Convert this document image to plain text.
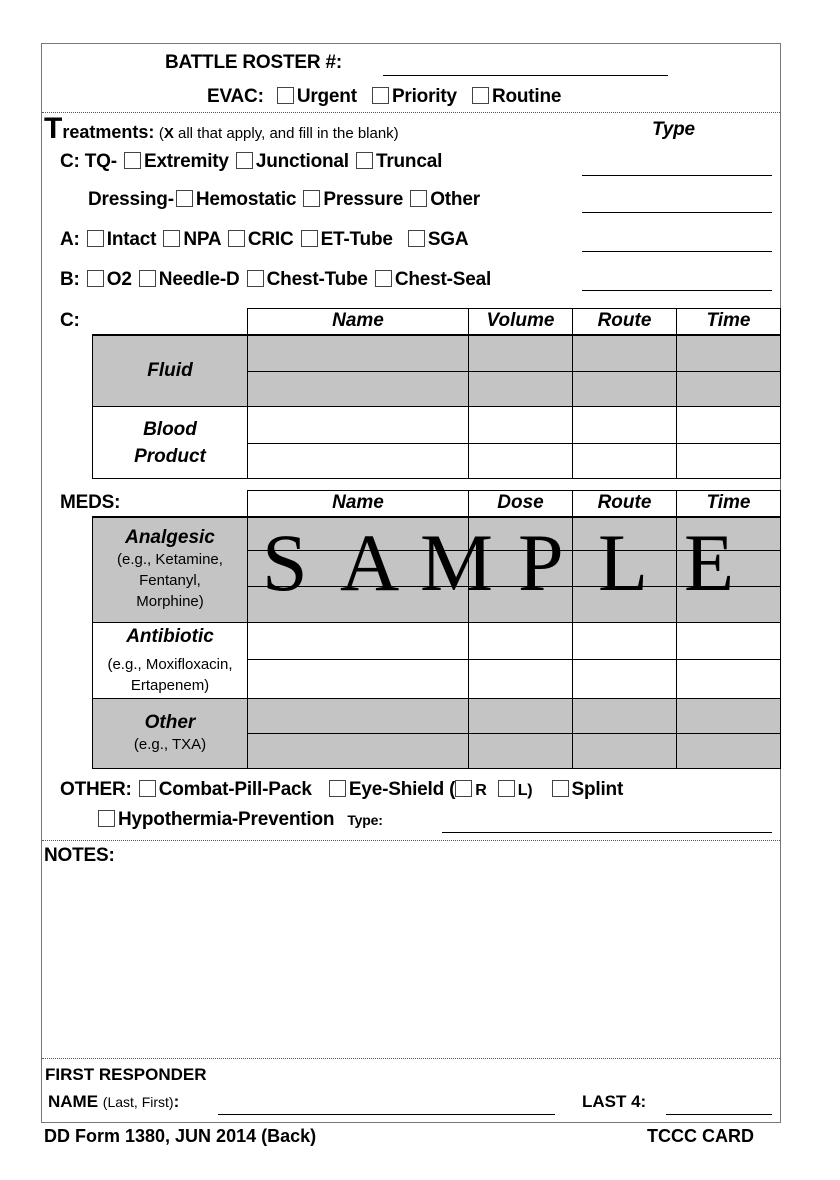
BATTLE ROSTER #:
EVAC: Urgent Priority Routine
Treatments: (X all that apply, and fill in the blank)	Type
C: TQ- Extremity Junctional Truncal
Dressing- Hemostatic Pressure Other
A: Intact NPA CRIC ET-Tube SGA
B: O2 Needle-D Chest-Tube Chest-Seal
C:
		Name	Volume	Route	Time
Fluid				

Blood Product				

MEDS:
		Name	Dose	Route	Time

Analgesic
(e.g., Ketamine,
Fentanyl,
Morphine)				

Antibiotic
(e.g., Moxifloxacin,
Ertapenem)				

Other
(e.g., TXA)				

S A M P L E
OTHER: Combat-Pill-Pack Eye-Shield ( R L) Splint
Hypothermia-Prevention Type:
NOTES:
FIRST RESPONDER
NAME (Last, First):	LAST 4:
DD Form 1380, JUN 2014 (Back)	TCCC CARD
